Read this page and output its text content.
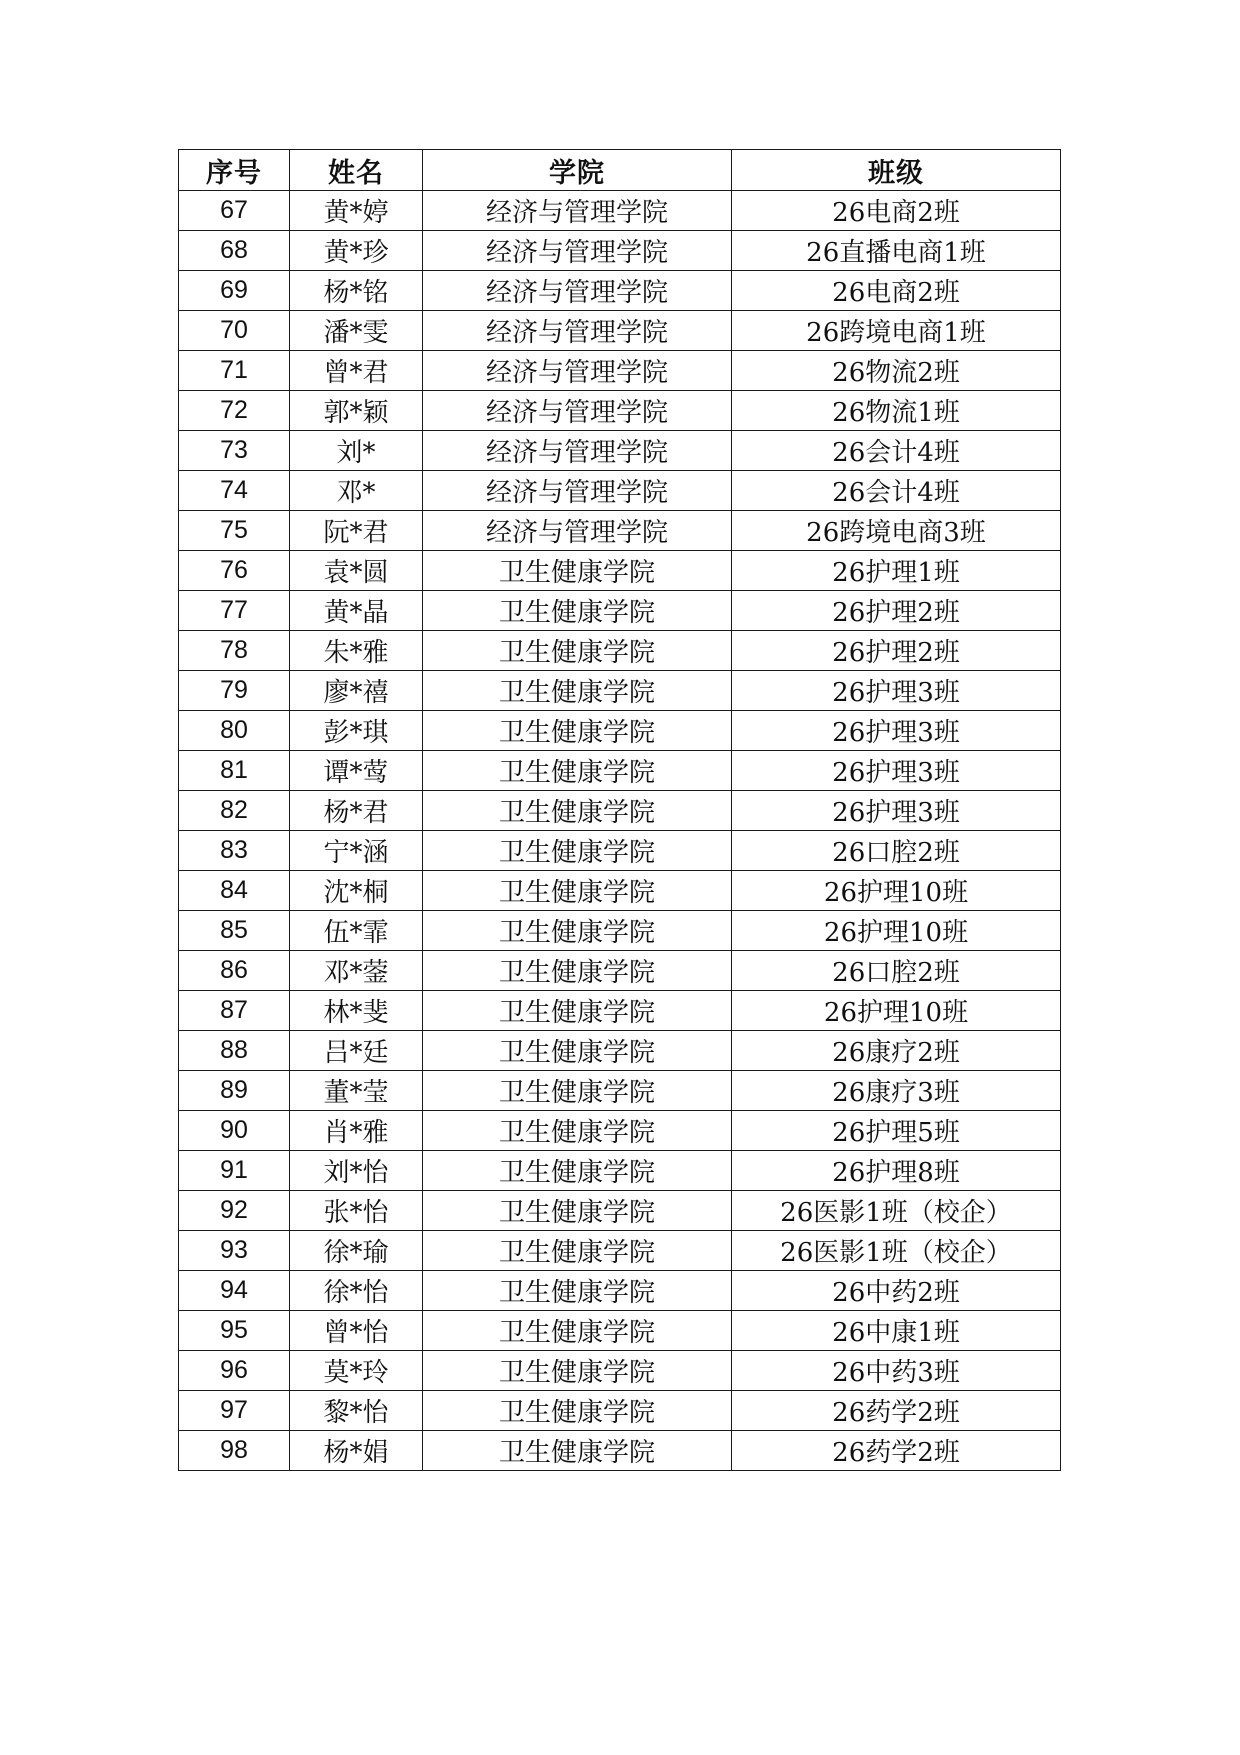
序号	姓名	学院	班级
67	黄*婷	经济与管理学院	26电商2班
68	黄*珍	经济与管理学院	26直播电商1班
69	杨*铭	经济与管理学院	26电商2班
70	潘*雯	经济与管理学院	26跨境电商1班
71	曾*君	经济与管理学院	26物流2班
72	郭*颖	经济与管理学院	26物流1班
73	刘*	经济与管理学院	26会计4班
74	邓*	经济与管理学院	26会计4班
75	阮*君	经济与管理学院	26跨境电商3班
76	袁*圆	卫生健康学院	26护理1班
77	黄*晶	卫生健康学院	26护理2班
78	朱*雅	卫生健康学院	26护理2班
79	廖*禧	卫生健康学院	26护理3班
80	彭*琪	卫生健康学院	26护理3班
81	谭*莺	卫生健康学院	26护理3班
82	杨*君	卫生健康学院	26护理3班
83	宁*涵	卫生健康学院	26口腔2班
84	沈*桐	卫生健康学院	26护理10班
85	伍*霏	卫生健康学院	26护理10班
86	邓*蓥	卫生健康学院	26口腔2班
87	林*斐	卫生健康学院	26护理10班
88	吕*廷	卫生健康学院	26康疗2班
89	董*莹	卫生健康学院	26康疗3班
90	肖*雅	卫生健康学院	26护理5班
91	刘*怡	卫生健康学院	26护理8班
92	张*怡	卫生健康学院	26医影1班（校企）
93	徐*瑜	卫生健康学院	26医影1班（校企）
94	徐*怡	卫生健康学院	26中药2班
95	曾*怡	卫生健康学院	26中康1班
96	莫*玲	卫生健康学院	26中药3班
97	黎*怡	卫生健康学院	26药学2班
98	杨*娟	卫生健康学院	26药学2班
